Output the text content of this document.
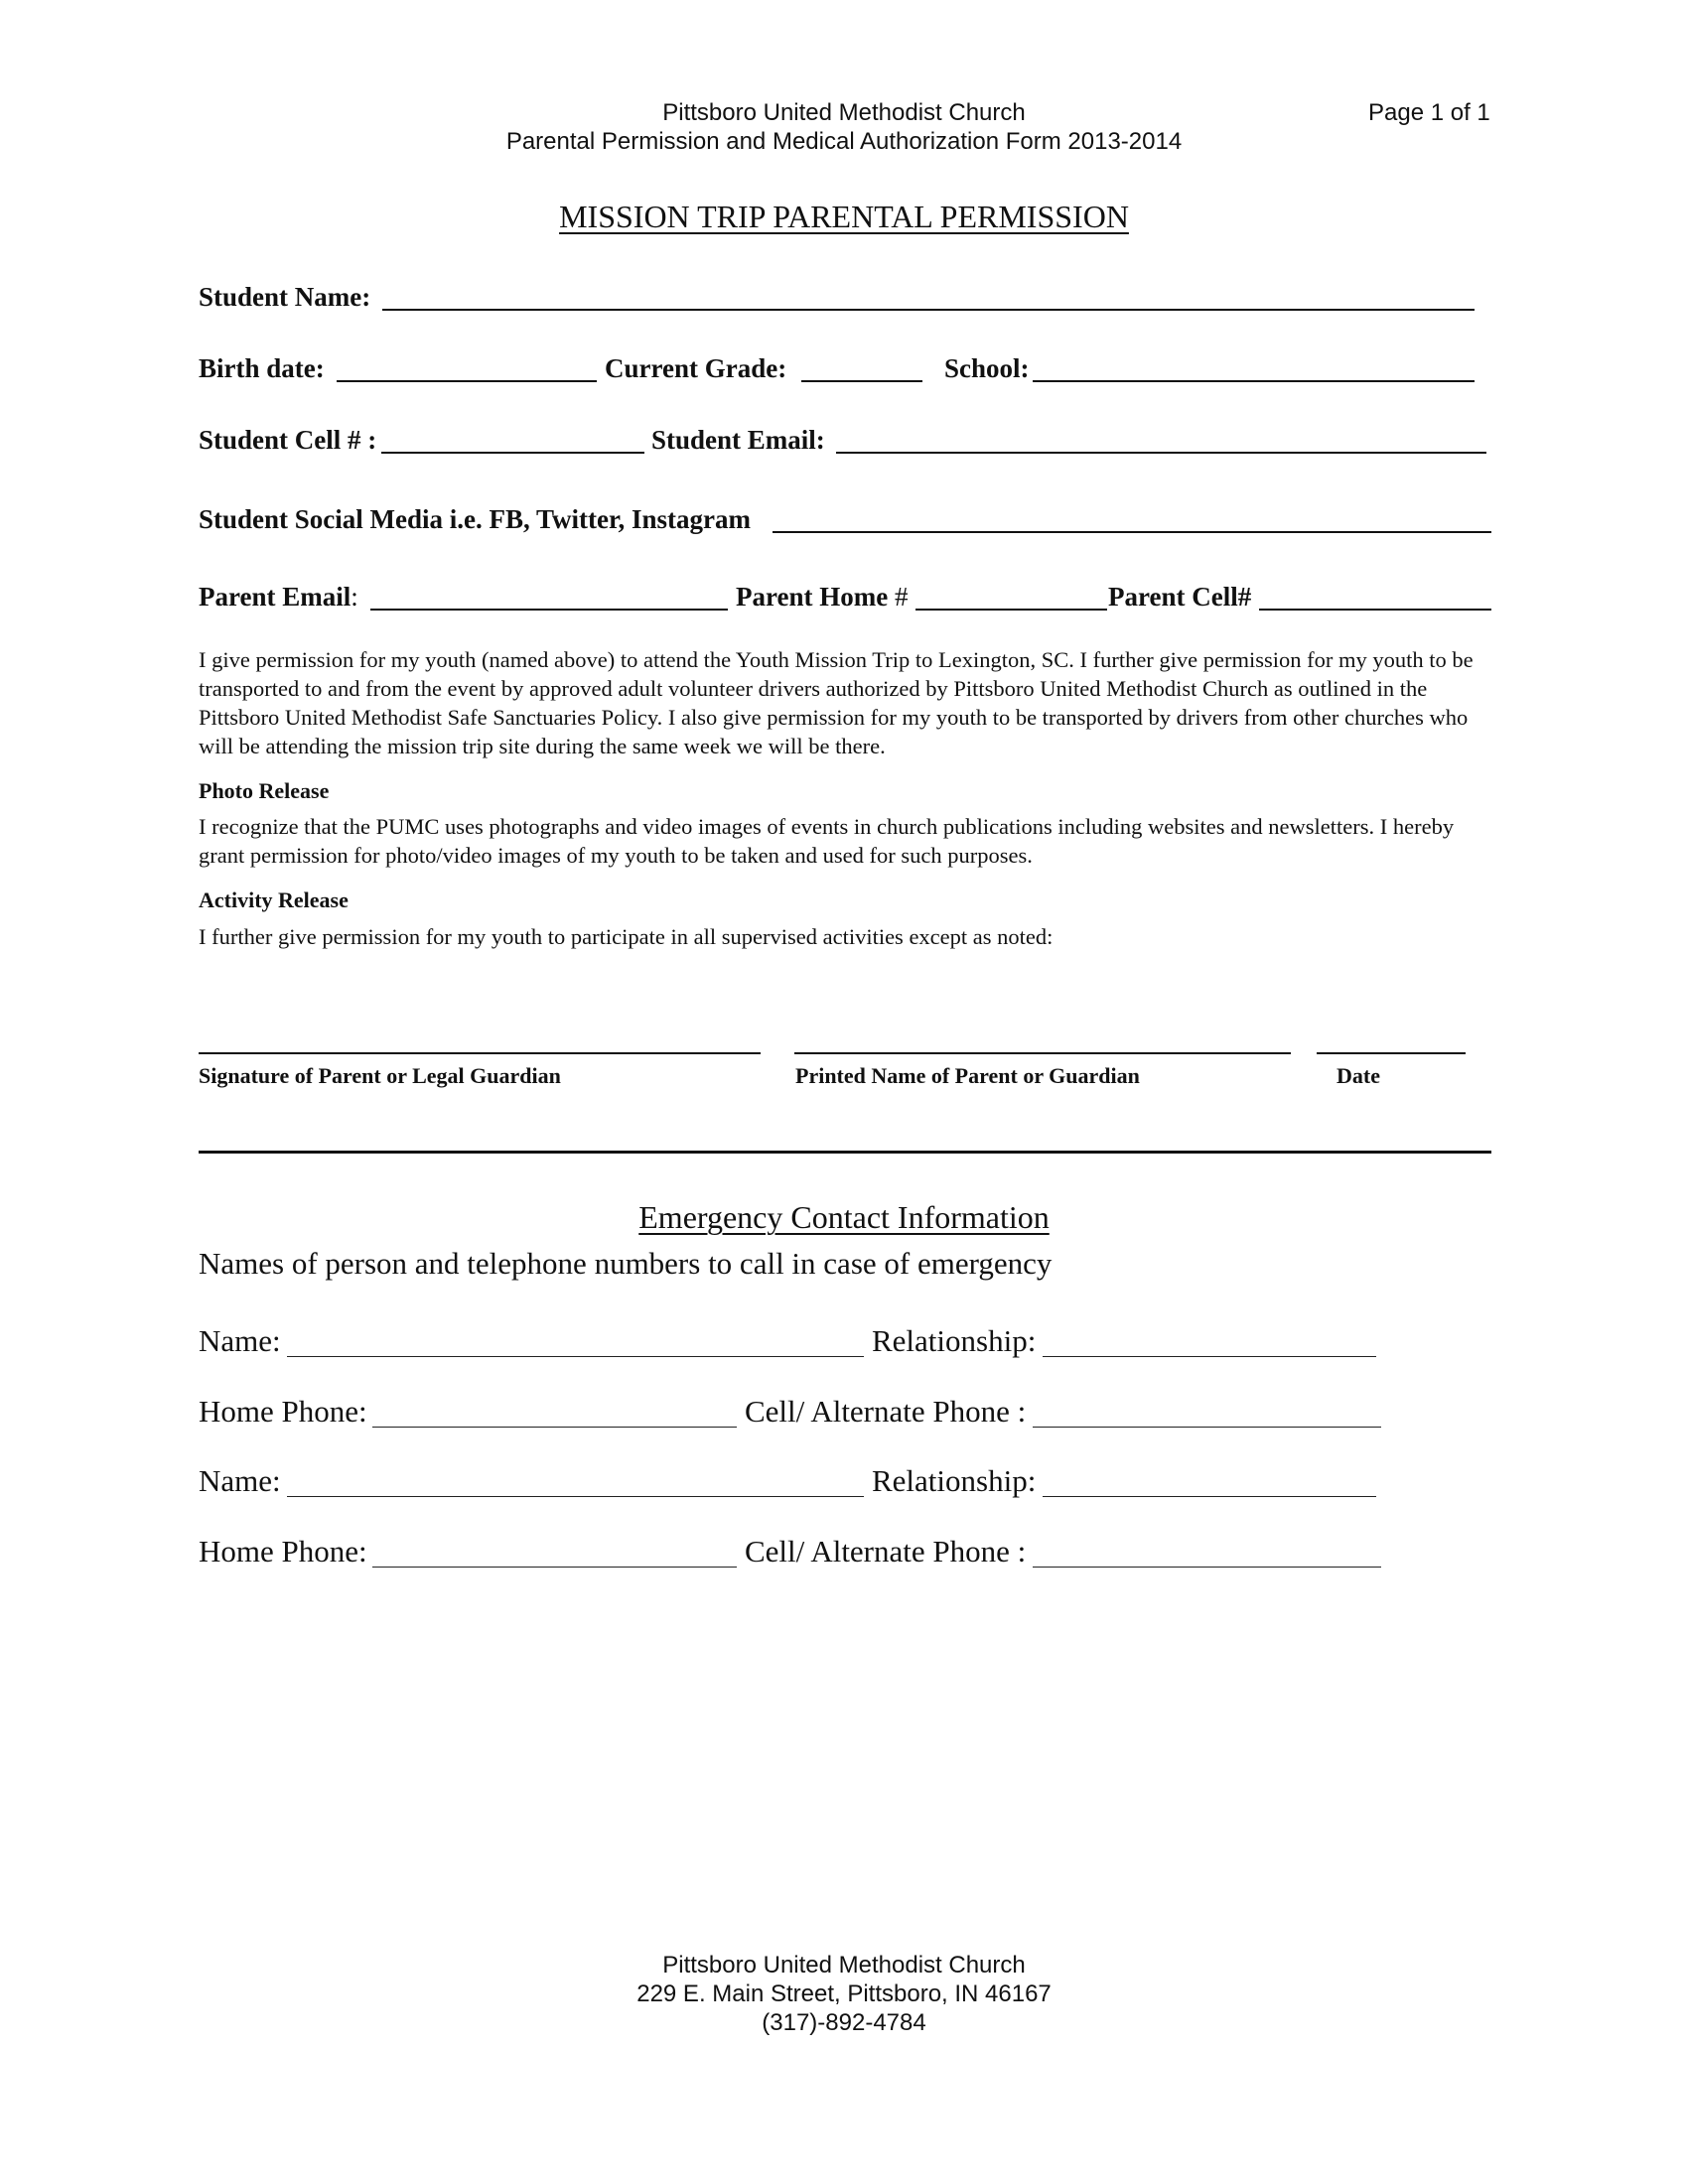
Pittsboro United Methodist Church
Parental Permission and Medical Authorization Form 2013-2014
Page 1 of 1
MISSION TRIP PARENTAL PERMISSION
Student Name:
Birth date:	Current Grade:	School:
Student Cell # :	Student Email:
Student Social Media i.e. FB, Twitter, Instagram
Parent Email:	Parent Home #	Parent Cell#
I give permission for my youth (named above) to attend the Youth Mission Trip to Lexington, SC. I further give permission for my youth to be transported to and from the event by approved adult volunteer drivers authorized by Pittsboro United Methodist Church as outlined in the Pittsboro United Methodist Safe Sanctuaries Policy. I also give permission for my youth to be transported by drivers from other churches who will be attending the mission trip site during the same week we will be there.
Photo Release
I recognize that the PUMC uses photographs and video images of events in church publications including websites and newsletters. I hereby grant permission for photo/video images of my youth to be taken and used for such purposes.
Activity Release
I further give permission for my youth to participate in all supervised activities except as noted:
Signature of Parent or Legal Guardian	Printed Name of Parent or Guardian	Date
Emergency Contact Information
Names of person and telephone numbers to call in case of emergency
Name:	Relationship:
Home Phone:	Cell/ Alternate Phone :
Name:	Relationship:
Home Phone:	Cell/ Alternate Phone :
Pittsboro United Methodist Church
229 E. Main Street, Pittsboro, IN 46167
(317)-892-4784
